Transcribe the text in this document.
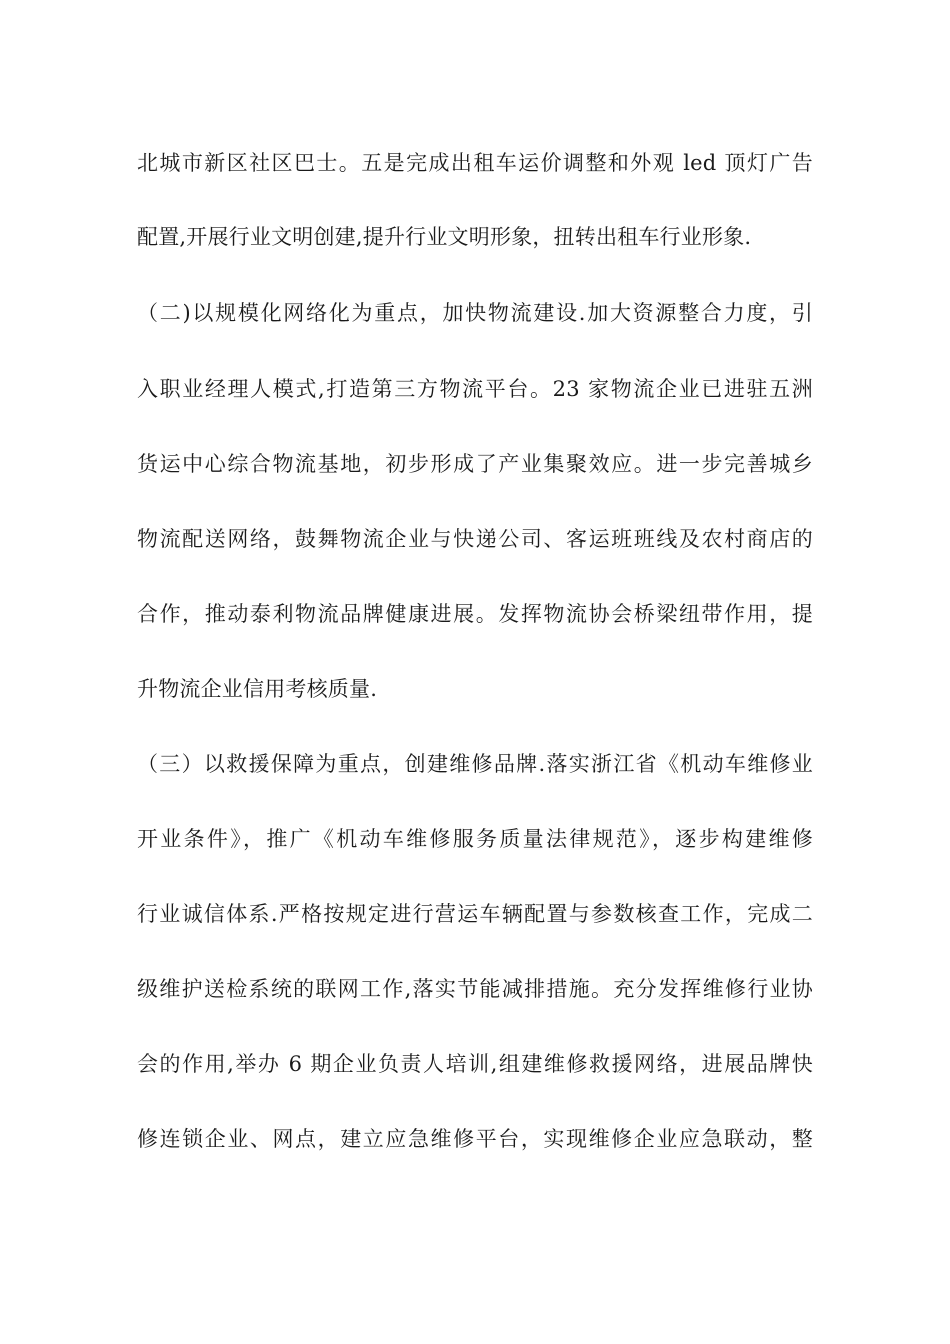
北城市新区社区巴士。五是完成出租车运价调整和外观 led 顶灯广告
配置,开展行业文明创建,提升行业文明形象，扭转出租车行业形象.
（二)以规模化网络化为重点，加快物流建设.加大资源整合力度，引
入职业经理人模式,打造第三方物流平台。23 家物流企业已进驻五洲
货运中心综合物流基地，初步形成了产业集聚效应。进一步完善城乡
物流配送网络，鼓舞物流企业与快递公司、客运班班线及农村商店的
合作，推动泰利物流品牌健康进展。发挥物流协会桥梁纽带作用，提
升物流企业信用考核质量.
（三）以救援保障为重点，创建维修品牌.落实浙江省《机动车维修业
开业条件》，推广《机动车维修服务质量法律规范》，逐步构建维修
行业诚信体系.严格按规定进行营运车辆配置与参数核查工作，完成二
级维护送检系统的联网工作,落实节能减排措施。充分发挥维修行业协
会的作用,举办 6 期企业负责人培训,组建维修救援网络，进展品牌快
修连锁企业、网点，建立应急维修平台，实现维修企业应急联动，整
